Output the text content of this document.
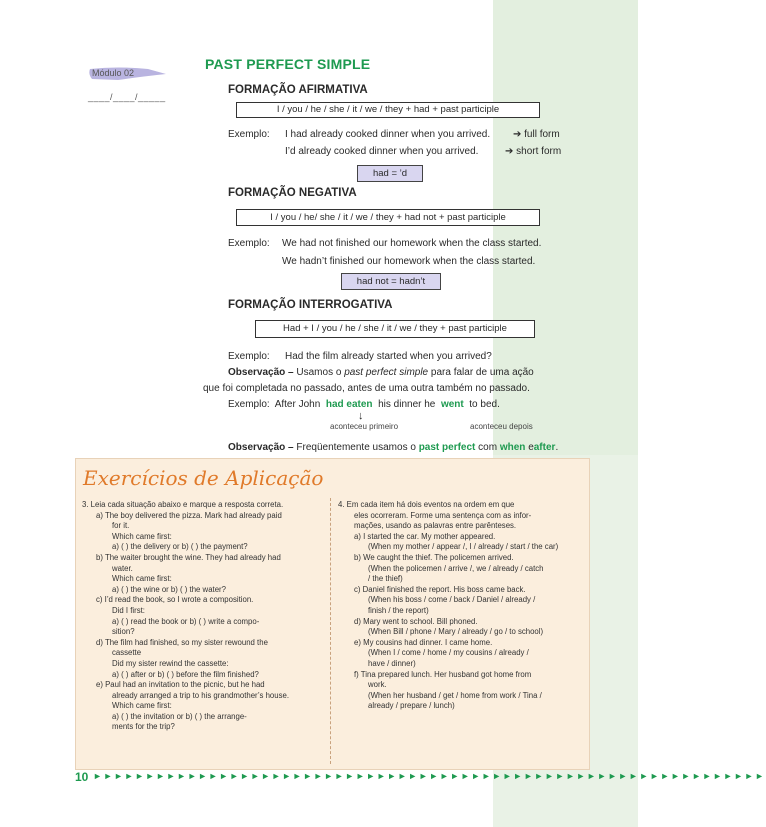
Módulo 02
____/____/_____
PAST PERFECT SIMPLE
FORMAÇÃO AFIRMATIVA
I / you / he / she / it / we / they + had + past participle
Exemplo: I had already cooked dinner when you arrived. ➔ full form
I’d already cooked dinner when you arrived.	➔ short form
had = ’d
FORMAÇÃO NEGATIVA
I / you / he/ she / it / we / they + had not + past participle
Exemplo: We had not finished our homework when the class started.
We hadn’t finished our homework when the class started.
had not = hadn’t
FORMAÇÃO INTERROGATIVA
Had + I / you / he / she / it / we / they + past participle
Exemplo: Had the film already started when you arrived?
Observação – Usamos o past perfect simple para falar de uma ação
que foi completada no passado, antes de uma outra também no passado.
Exemplo: After John had eaten his dinner he went to bed.
↓
aconteceu primeiro	aconteceu depois
Observação – Freqüentemente usamos o past perfect com when eafter.
Exercícios de Aplicação
3. Leia cada situação abaixo e marque a resposta correta.
a) The boy delivered the pizza. Mark had already paid
for it.
Which came first:
a) ( ) the delivery or b) ( ) the payment?
b) The waiter brought the wine. They had already had
water.
Which came first:
a) ( ) the wine or b) ( ) the water?
c) I’d read the book, so I wrote a composition.
Did I first:
a) ( ) read the book or b) ( ) write a compo-
sition?
d) The film had finished, so my sister rewound the
cassette
Did my sister rewind the cassette:
a) ( ) after or b) ( ) before the film finished?
e) Paul had an invitation to the picnic, but he had
already arranged a trip to his grandmother’s house.
Which came first:
a) ( ) the invitation or b) ( ) the arrange-
ments for the trip?
4. Em cada item há dois eventos na ordem em que
eles ocorreram. Forme uma sentença com as infor-
mações, usando as palavras entre parênteses.
a) I started the car. My mother appeared.
(When my mother / appear /, I / already / start / the car)
b) We caught the thief. The policemen arrived.
(When the policemen / arrive /, we / already / catch
/ the thief)
c) Daniel finished the report. His boss came back.
(When his boss / come / back / Daniel / already /
finish / the report)
d) Mary went to school. Bill phoned.
(When Bill / phone / Mary / already / go / to school)
e) My cousins had dinner. I came home.
(When I / come / home / my cousins / already /
have / dinner)
f) Tina prepared lunch. Her husband got home from
work.
(When her husband / get / home from work / Tina /
already / prepare / lunch)
10 ►►►►►►►►►►►►►►►►►►►►►►►►►►►►►►►►►►►►►►►►►►►►►►►►►►►►►►►►►►►►►►►►
